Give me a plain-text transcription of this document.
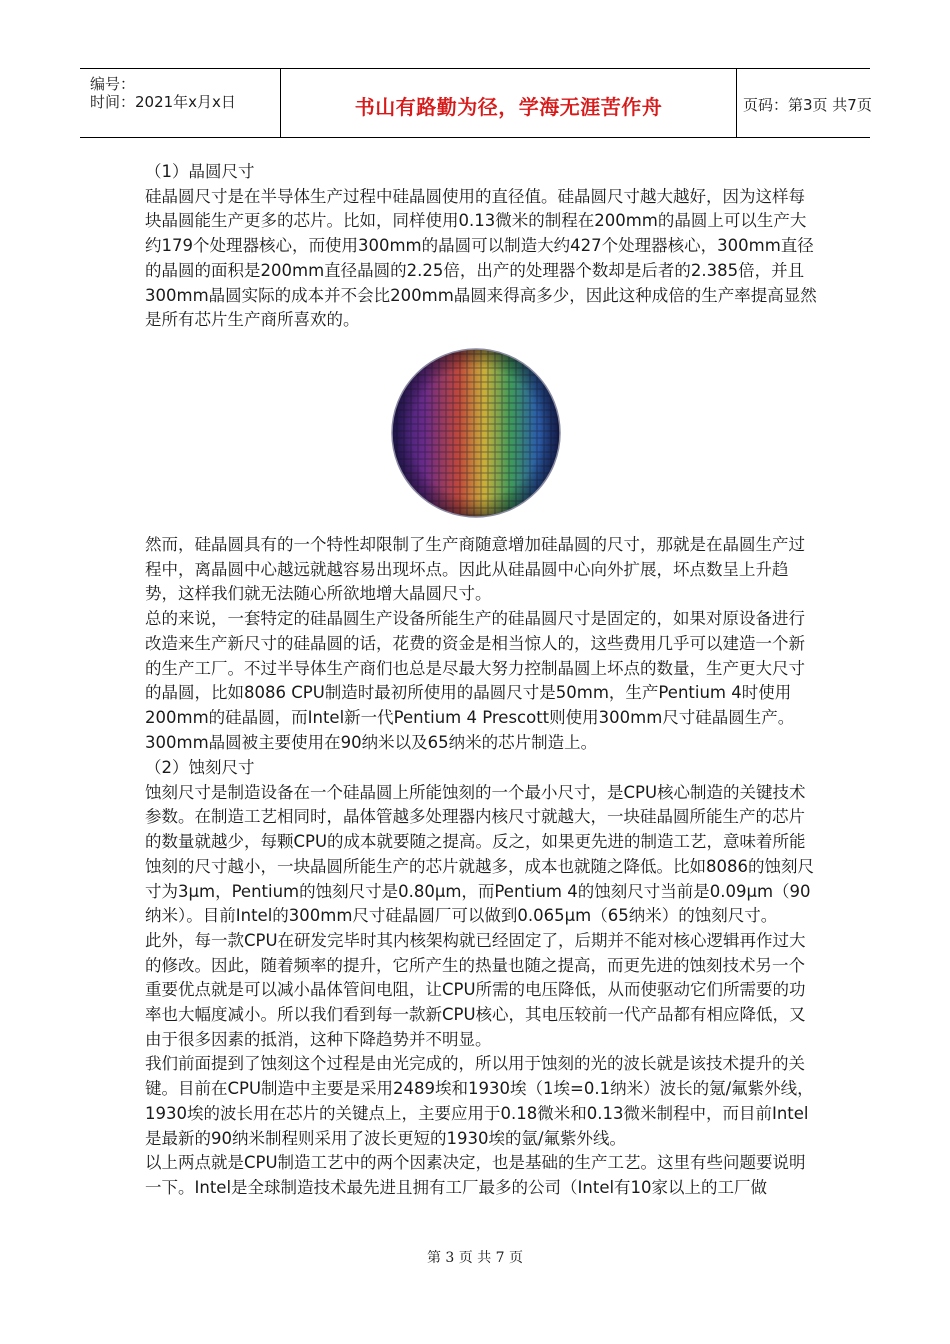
编号：
时间：2021年x月x日	书山有路勤为径，学海无涯苦作舟	页码：第3页 共7页

（1）晶圆尺寸

硅晶圆尺寸是在半导体生产过程中硅晶圆使用的直径值。硅晶圆尺寸越大越好，因为这样每块晶圆能生产更多的芯片。比如，同样使用0.13微米的制程在200mm的晶圆上可以生产大约179个处理器核心，而使用300mm的晶圆可以制造大约427个处理器核心，300mm直径的晶圆的面积是200mm直径晶圆的2.25倍，出产的处理器个数却是后者的2.385倍，并且300mm晶圆实际的成本并不会比200mm晶圆来得高多少，因此这种成倍的生产率提高显然是所有芯片生产商所喜欢的。

然而，硅晶圆具有的一个特性却限制了生产商随意增加硅晶圆的尺寸，那就是在晶圆生产过程中，离晶圆中心越远就越容易出现坏点。因此从硅晶圆中心向外扩展，坏点数呈上升趋势，这样我们就无法随心所欲地增大晶圆尺寸。

总的来说，一套特定的硅晶圆生产设备所能生产的硅晶圆尺寸是固定的，如果对原设备进行改造来生产新尺寸的硅晶圆的话，花费的资金是相当惊人的，这些费用几乎可以建造一个新的生产工厂。不过半导体生产商们也总是尽最大努力控制晶圆上坏点的数量，生产更大尺寸的晶圆，比如8086 CPU制造时最初所使用的晶圆尺寸是50mm，生产Pentium 4时使用200mm的硅晶圆，而Intel新一代Pentium 4 Prescott则使用300mm尺寸硅晶圆生产。300mm晶圆被主要使用在90纳米以及65纳米的芯片制造上。

（2）蚀刻尺寸

蚀刻尺寸是制造设备在一个硅晶圆上所能蚀刻的一个最小尺寸，是CPU核心制造的关键技术参数。在制造工艺相同时，晶体管越多处理器内核尺寸就越大，一块硅晶圆所能生产的芯片的数量就越少，每颗CPU的成本就要随之提高。反之，如果更先进的制造工艺，意味着所能蚀刻的尺寸越小，一块晶圆所能生产的芯片就越多，成本也就随之降低。比如8086的蚀刻尺寸为3μm，Pentium的蚀刻尺寸是0.80μm，而Pentium 4的蚀刻尺寸当前是0.09μm（90纳米）。目前Intel的300mm尺寸硅晶圆厂可以做到0.065μm（65纳米）的蚀刻尺寸。

此外，每一款CPU在研发完毕时其内核架构就已经固定了，后期并不能对核心逻辑再作过大的修改。因此，随着频率的提升，它所产生的热量也随之提高，而更先进的蚀刻技术另一个重要优点就是可以减小晶体管间电阻，让CPU所需的电压降低，从而使驱动它们所需要的功率也大幅度减小。所以我们看到每一款新CPU核心，其电压较前一代产品都有相应降低，又由于很多因素的抵消，这种下降趋势并不明显。

我们前面提到了蚀刻这个过程是由光完成的，所以用于蚀刻的光的波长就是该技术提升的关键。目前在CPU制造中主要是采用2489埃和1930埃（1埃=0.1纳米）波长的氪/氟紫外线，1930埃的波长用在芯片的关键点上，主要应用于0.18微米和0.13微米制程中，而目前Intel是最新的90纳米制程则采用了波长更短的1930埃的氩/氟紫外线。

以上两点就是CPU制造工艺中的两个因素决定，也是基础的生产工艺。这里有些问题要说明一下。Intel是全球制造技术最先进且拥有工厂最多的公司（Intel有10家以上的工厂做

第 3 页 共 7 页
